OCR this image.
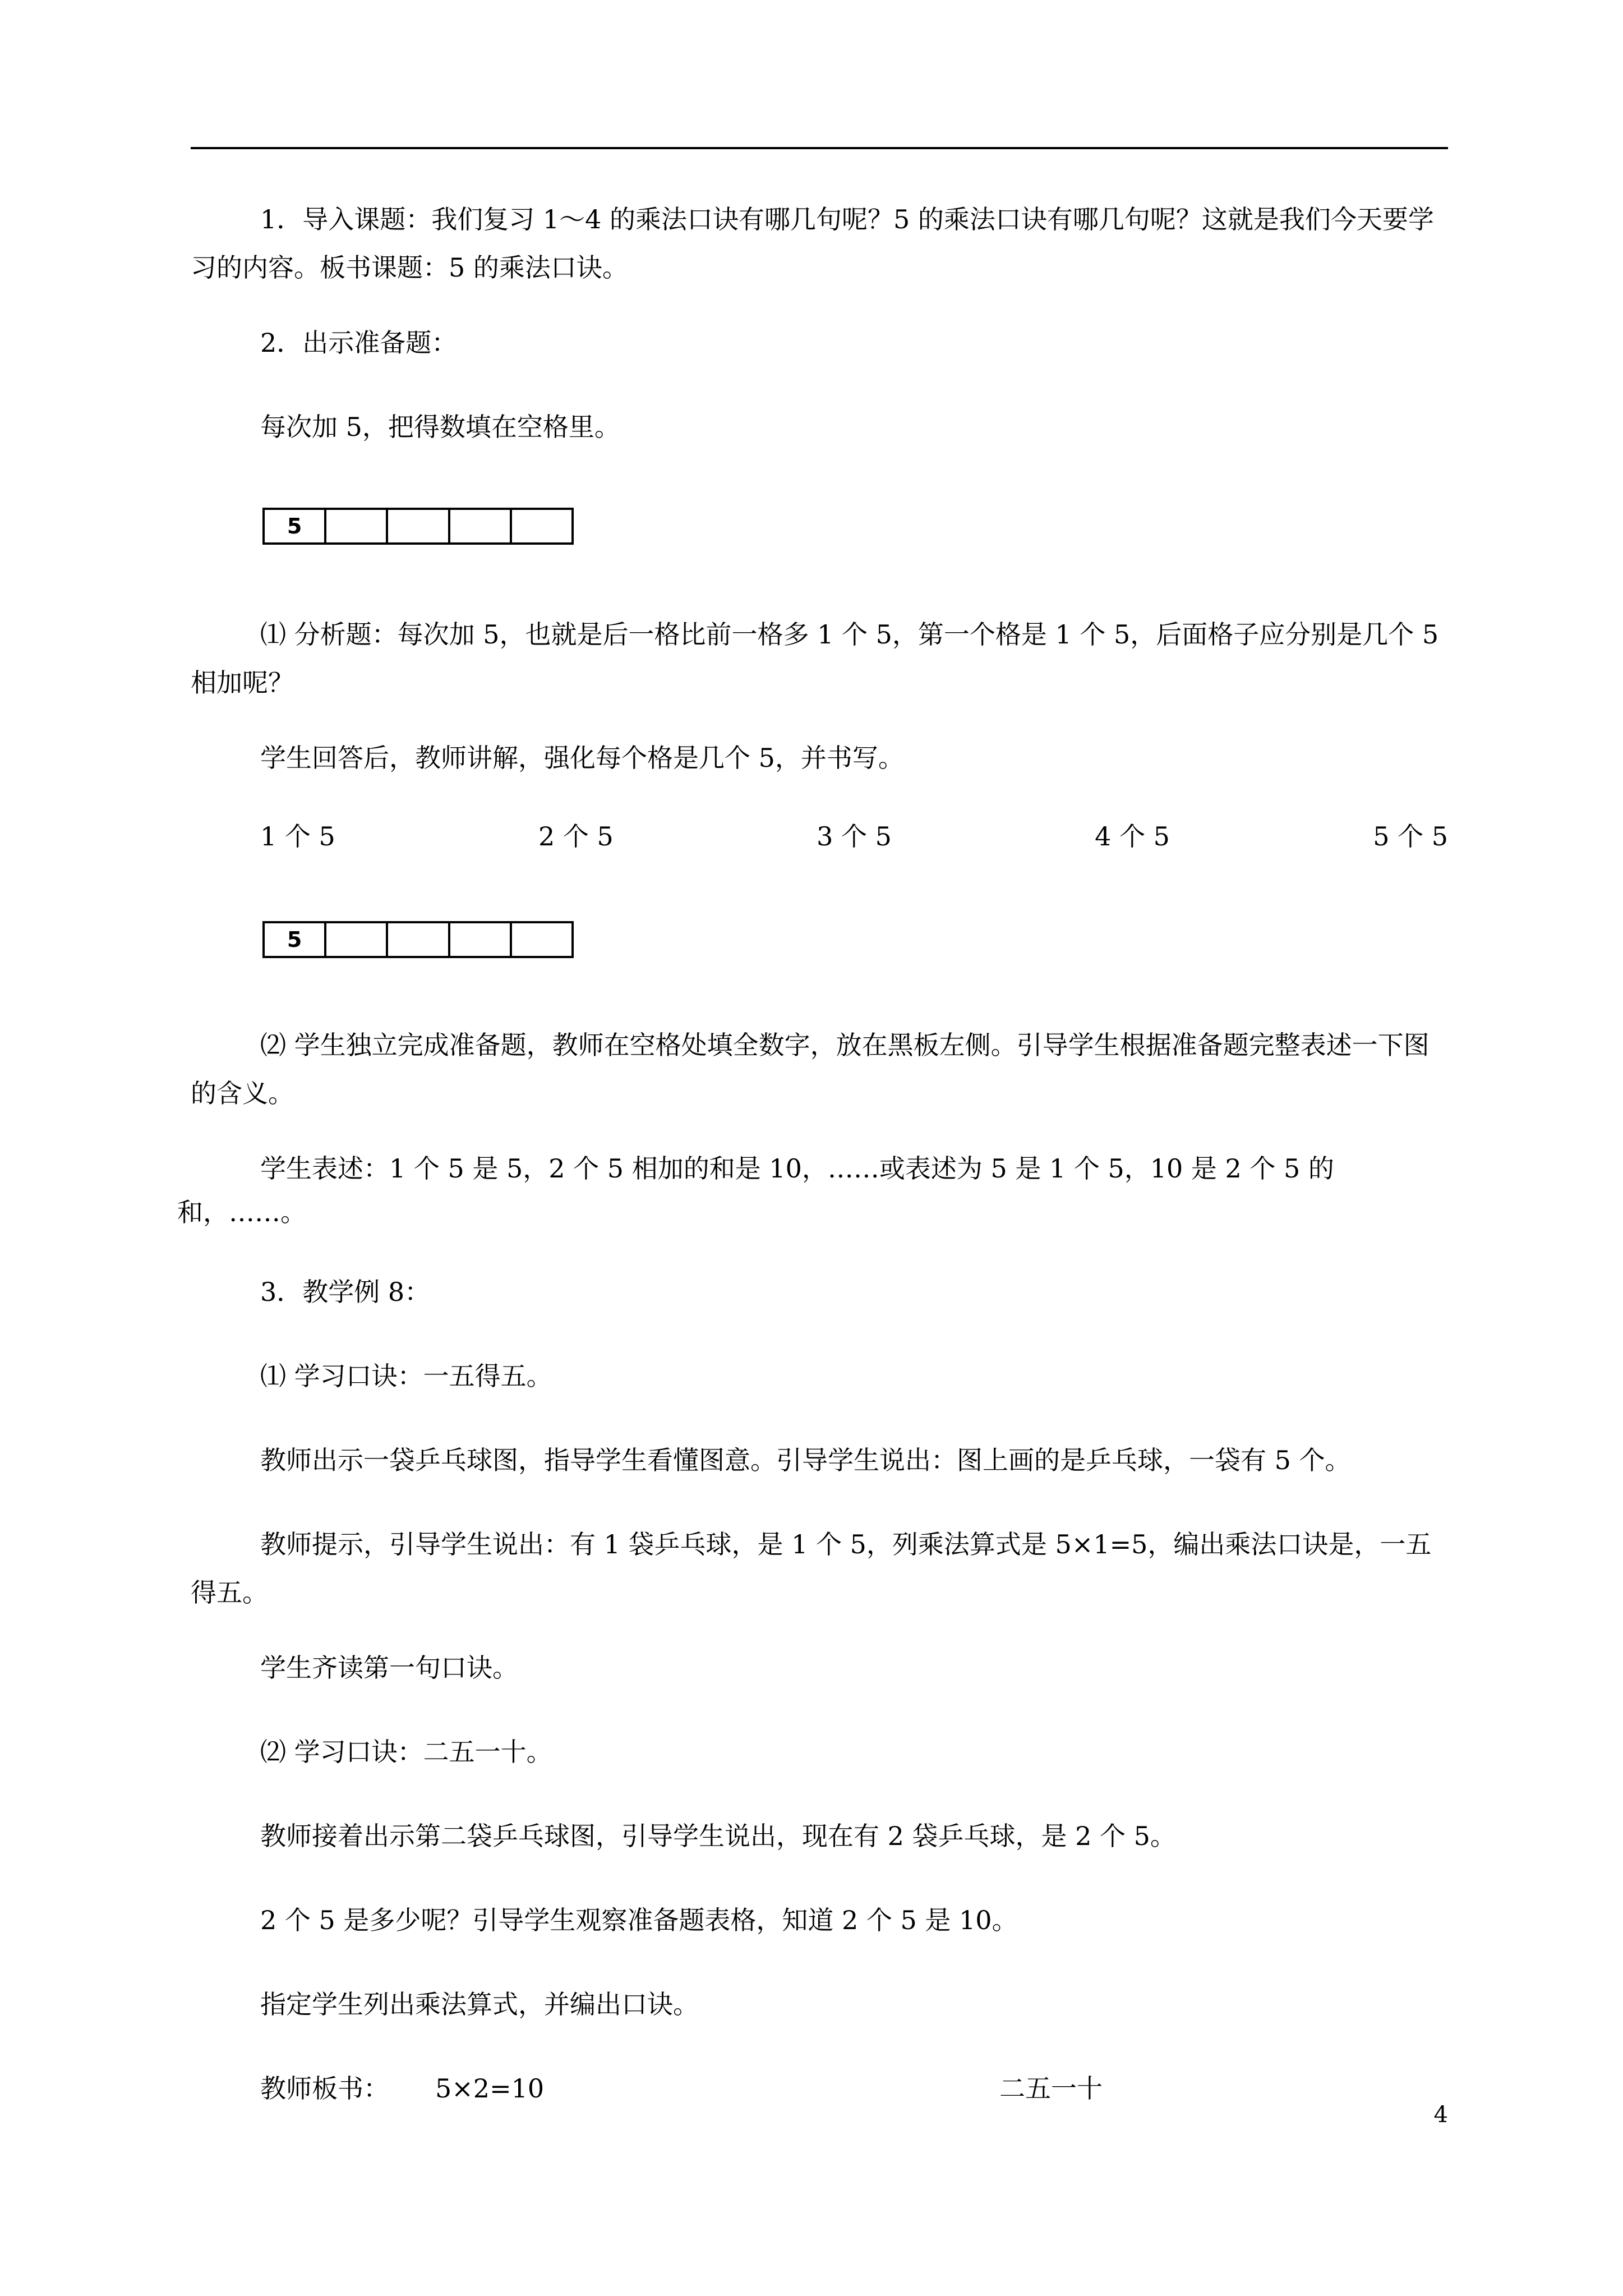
1．导入课题：我们复习 1～4 的乘法口诀有哪几句呢？5 的乘法口诀有哪几句呢？这就是我们今天要学习的内容。板书课题：5 的乘法口诀。

2．出示准备题：

每次加 5，把得数填在空格里。

5

⑴ 分析题：每次加 5，也就是后一格比前一格多 1 个 5，第一个格是 1 个 5，后面格子应分别是几个 5 相加呢？

学生回答后，教师讲解，强化每个格是几个 5，并书写。

1 个 5	2 个 5	3 个 5	4 个 5	5 个 5
5

⑵ 学生独立完成准备题，教师在空格处填全数字，放在黑板左侧。引导学生根据准备题完整表述一下图的含义。

学生表述：1 个 5 是 5，2 个 5 相加的和是 10，……或表述为 5 是 1 个 5，10 是 2 个 5 的
和，……。

3．教学例 8：

⑴ 学习口诀：一五得五。

教师出示一袋乒乓球图，指导学生看懂图意。引导学生说出：图上画的是乒乓球，一袋有 5 个。

教师提示，引导学生说出：有 1 袋乒乓球，是 1 个 5，列乘法算式是 5×1=5，编出乘法口诀是，一五得五。

学生齐读第一句口诀。

⑵ 学习口诀：二五一十。

教师接着出示第二袋乒乓球图，引导学生说出，现在有 2 袋乒乓球，是 2 个 5。

2 个 5 是多少呢？引导学生观察准备题表格，知道 2 个 5 是 10。

指定学生列出乘法算式，并编出口诀。

教师板书： 5×2=10	二五一十
4
